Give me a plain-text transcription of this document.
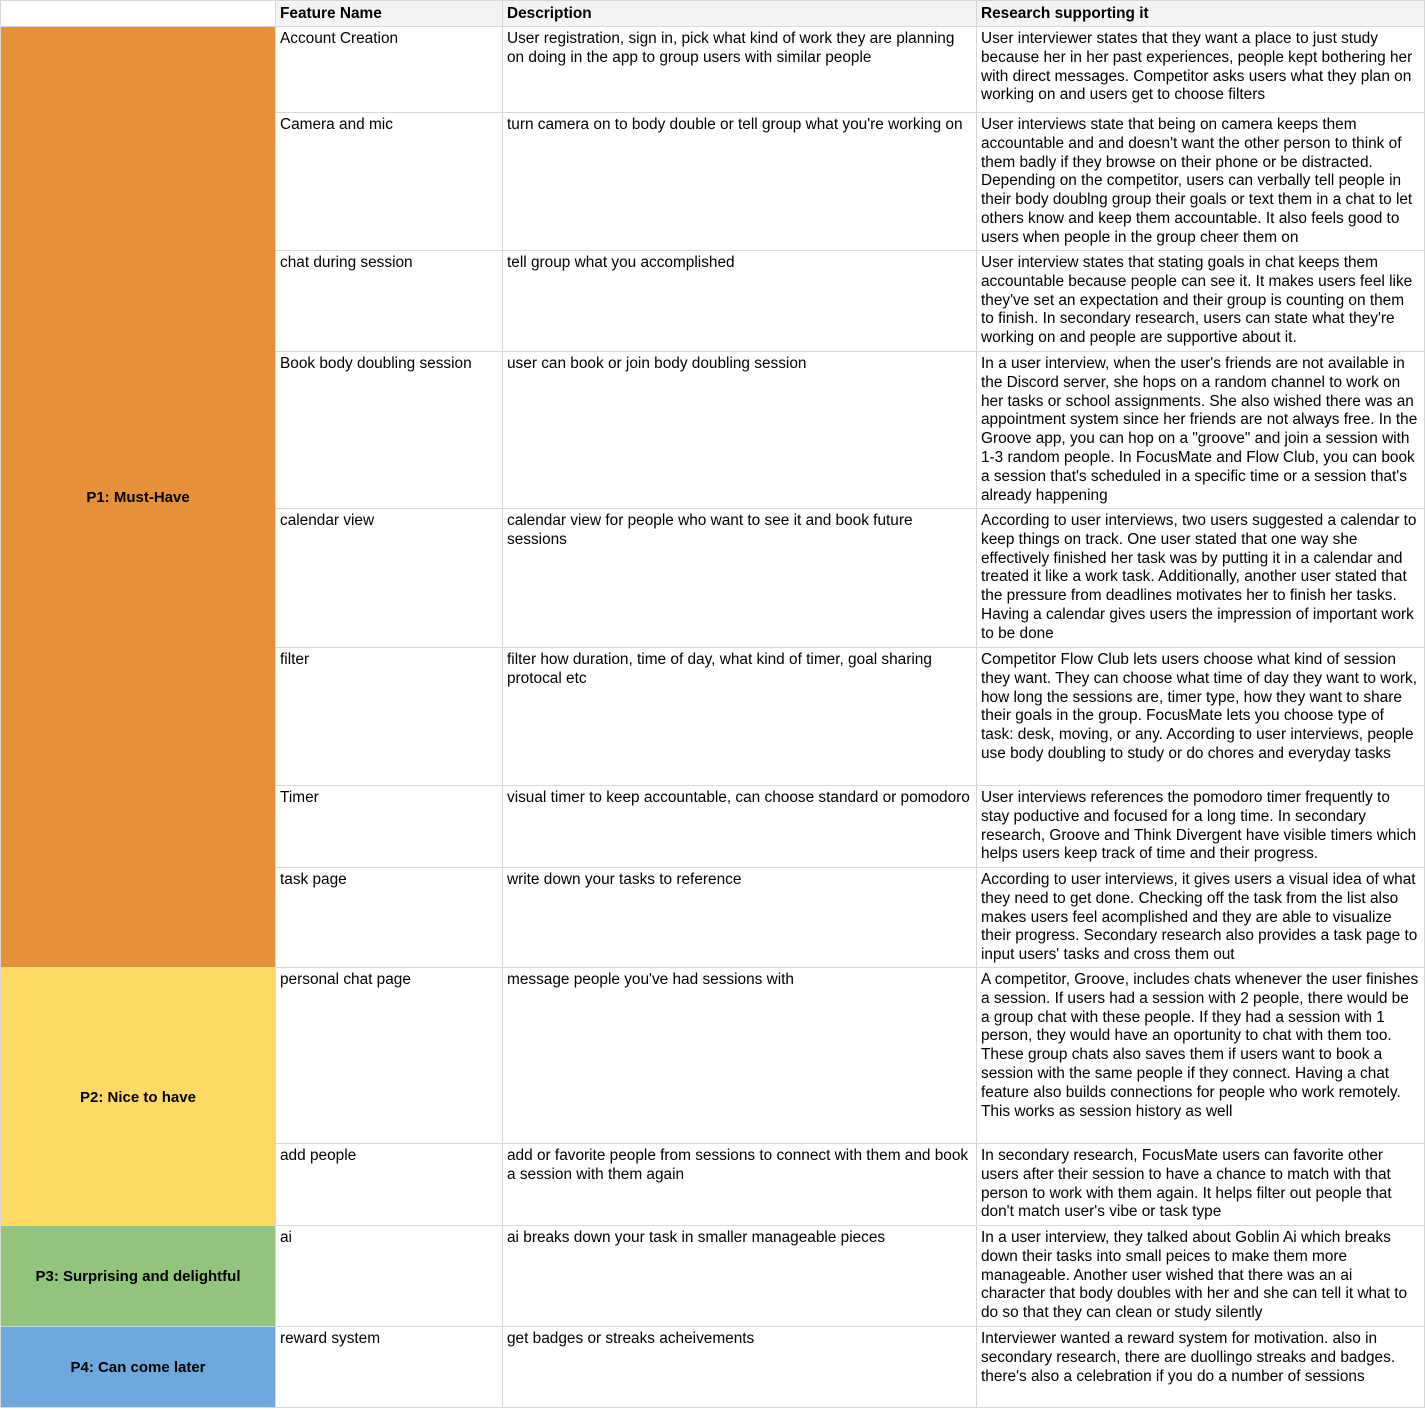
	Feature Name	Description	Research supporting it
P1: Must-Have	Account Creation	User registration, sign in, pick what kind of work they are planning on doing in the app to group users with similar people	User interviewer states that they want a place to just study because her in her past experiences, people kept bothering her with direct messages. Competitor asks users what they plan on working on and users get to choose filters
	Camera and mic	turn camera on to body double or tell group what you're working on	User interviews state that being on camera keeps them accountable and and doesn't want the other person to think of them badly if they browse on their phone or be distracted. Depending on the competitor, users can verbally tell people in their body doublng group their goals or text them in a chat to let others know and keep them accountable. It also feels good to users when people in the group cheer them on
	chat during session	tell group what you accomplished	User interview states that stating goals in chat keeps them accountable because people can see it. It makes users feel like they've set an expectation and their group is counting on them to finish. In secondary research, users can state what they're working on and people are supportive about it.
	Book body doubling session	user can book or join body doubling session	In a user interview, when the user's friends are not available in the Discord server, she hops on a random channel to work on her tasks or school assignments. She also wished there was an appointment system since her friends are not always free. In the Groove app, you can hop on a "groove" and join a session with 1-3 random people. In FocusMate and Flow Club, you can book a session that's scheduled in a specific time or a session that's already happening
	calendar view	calendar view for people who want to see it and book future sessions	According to user interviews, two users suggested a calendar to keep things on track. One user stated that one way she effectively finished her task was by putting it in a calendar and treated it like a work task. Additionally, another user stated that the pressure from deadlines motivates her to finish her tasks. Having a calendar gives users the impression of important work to be done
	filter	filter how duration, time of day, what kind of timer, goal sharing protocal etc	Competitor Flow Club lets users choose what kind of session they want. They can choose what time of day they want to work, how long the sessions are, timer type, how they want to share their goals in the group. FocusMate lets you choose type of task: desk, moving, or any. According to user interviews, people use body doubling to study or do chores and everyday tasks
	Timer	visual timer to keep accountable, can choose standard or pomodoro	User interviews references the pomodoro timer frequently to stay poductive and focused for a long time. In secondary research, Groove and Think Divergent have visible timers which helps users keep track of time and their progress.
	task page	write down your tasks to reference	According to user interviews, it gives users a visual idea of what they need to get done. Checking off the task from the list also makes users feel acomplished and they are able to visualize their progress. Secondary research also provides a task page to input users' tasks and cross them out
P2: Nice to have	personal chat page	message people you've had sessions with	A competitor, Groove, includes chats whenever the user finishes a session. If users had a session with 2 people, there would be a group chat with these people. If they had a session with 1 person, they would have an oportunity to chat with them too. These group chats also saves them if users want to book a session with the same people if they connect. Having a chat feature also builds connections for people who work remotely. This works as session history as well
	add people	add or favorite people from sessions to connect with them and book a session with them again	In secondary research, FocusMate users can favorite other users after their session to have a chance to match with that person to work with them again. It helps filter out people that don't match user's vibe or task type
P3: Surprising and delightful	ai	ai breaks down your task in smaller manageable pieces	In a user interview, they talked about Goblin Ai which breaks down their tasks into small peices to make them more manageable. Another user wished that there was an ai character that body doubles with her and she can tell it what to do so that they can clean or study silently
P4: Can come later	reward system	get badges or streaks acheivements	Interviewer wanted a reward system for motivation. also in secondary research, there are duollingo streaks and badges. there's also a celebration if you do a number of sessions
